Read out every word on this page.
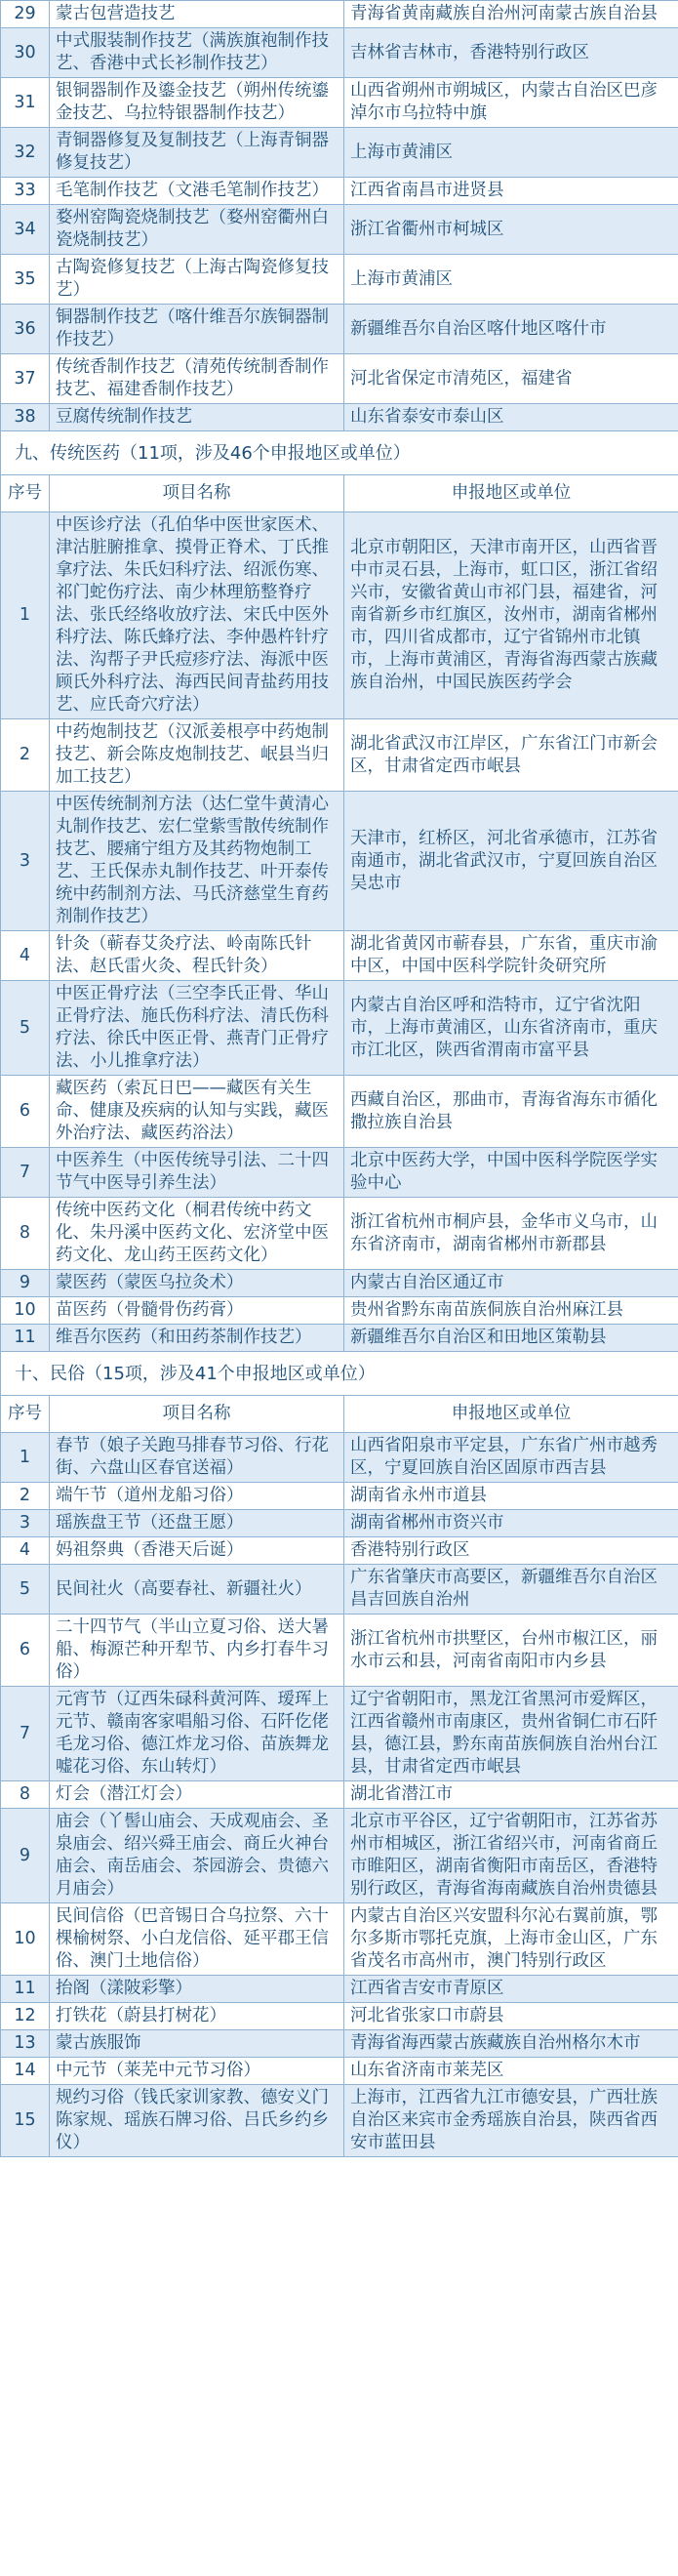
29	蒙古包营造技艺	青海省黄南藏族自治州河南蒙古族自治县
30	中式服装制作技艺（满族旗袍制作技艺、香港中式长衫制作技艺）	吉林省吉林市，香港特别行政区
31	银铜器制作及鎏金技艺（朔州传统鎏金技艺、乌拉特银器制作技艺）	山西省朔州市朔城区，内蒙古自治区巴彦淖尔市乌拉特中旗
32	青铜器修复及复制技艺（上海青铜器修复技艺）	上海市黄浦区
33	毛笔制作技艺（文港毛笔制作技艺）	江西省南昌市进贤县
34	婺州窑陶瓷烧制技艺（婺州窑衢州白瓷烧制技艺）	浙江省衢州市柯城区
35	古陶瓷修复技艺（上海古陶瓷修复技艺）	上海市黄浦区
36	铜器制作技艺（喀什维吾尔族铜器制作技艺）	新疆维吾尔自治区喀什地区喀什市
37	传统香制作技艺（清苑传统制香制作技艺、福建香制作技艺）	河北省保定市清苑区，福建省
38	豆腐传统制作技艺	山东省泰安市泰山区
九、传统医药（11项，涉及46个申报地区或单位）		
序号	项目名称	申报地区或单位
1	中医诊疗法（孔伯华中医世家医术、津沽脏腑推拿、摸骨正脊术、丁氏推拿疗法、朱氏妇科疗法、绍派伤寒、祁门蛇伤疗法、南少林理筋整脊疗法、张氏经络收放疗法、宋氏中医外科疗法、陈氏蜂疗法、李仲愚杵针疗法、沟帮子尹氏痘疹疗法、海派中医顾氏外科疗法、海西民间青盐药用技艺、应氏奇穴疗法）	北京市朝阳区，天津市南开区，山西省晋中市灵石县，上海市，虹口区，浙江省绍兴市，安徽省黄山市祁门县，福建省，河南省新乡市红旗区，汝州市，湖南省郴州市，四川省成都市，辽宁省锦州市北镇市，上海市黄浦区，青海省海西蒙古族藏族自治州，中国民族医药学会
2	中药炮制技艺（汉派姜根亭中药炮制技艺、新会陈皮炮制技艺、岷县当归加工技艺）	湖北省武汉市江岸区，广东省江门市新会区，甘肃省定西市岷县
3	中医传统制剂方法（达仁堂牛黄清心丸制作技艺、宏仁堂紫雪散传统制作技艺、腰痛宁组方及其药物炮制工艺、王氏保赤丸制作技艺、叶开泰传统中药制剂方法、马氏济慈堂生育药剂制作技艺）	天津市，红桥区，河北省承德市，江苏省南通市，湖北省武汉市，宁夏回族自治区吴忠市
4	针灸（蕲春艾灸疗法、岭南陈氏针法、赵氏雷火灸、程氏针灸）	湖北省黄冈市蕲春县，广东省，重庆市渝中区，中国中医科学院针灸研究所
5	中医正骨疗法（三空李氏正骨、华山正骨疗法、施氏伤科疗法、清氏伤科疗法、徐氏中医正骨、燕青门正骨疗法、小儿推拿疗法）	内蒙古自治区呼和浩特市，辽宁省沈阳市，上海市黄浦区，山东省济南市，重庆市江北区，陕西省渭南市富平县
6	藏医药（索瓦日巴——藏医有关生命、健康及疾病的认知与实践，藏医外治疗法、藏医药浴法）	西藏自治区，那曲市，青海省海东市循化撒拉族自治县
7	中医养生（中医传统导引法、二十四节气中医导引养生法）	北京中医药大学，中国中医科学院医学实验中心
8	传统中医药文化（桐君传统中药文化、朱丹溪中医药文化、宏济堂中医药文化、龙山药王医药文化）	浙江省杭州市桐庐县，金华市义乌市，山东省济南市，湖南省郴州市新郡县
9	蒙医药（蒙医乌拉灸术）	内蒙古自治区通辽市
10	苗医药（骨髓骨伤药膏）	贵州省黔东南苗族侗族自治州麻江县
11	维吾尔医药（和田药茶制作技艺）	新疆维吾尔自治区和田地区策勒县
十、民俗（15项，涉及41个申报地区或单位）		
序号	项目名称	申报地区或单位
1	春节（娘子关跑马排春节习俗、行花街、六盘山区春官送福）	山西省阳泉市平定县，广东省广州市越秀区，宁夏回族自治区固原市西吉县
2	端午节（道州龙船习俗）	湖南省永州市道县
3	瑶族盘王节（还盘王愿）	湖南省郴州市资兴市
4	妈祖祭典（香港天后诞）	香港特别行政区
5	民间社火（高要春社、新疆社火）	广东省肇庆市高要区，新疆维吾尔自治区昌吉回族自治州
6	二十四节气（半山立夏习俗、送大暑船、梅源芒种开犁节、内乡打春牛习俗）	浙江省杭州市拱墅区，台州市椒江区，丽水市云和县，河南省南阳市内乡县
7	元宵节（辽西朱碌科黄河阵、瑷珲上元节、赣南客家唱船习俗、石阡仡佬毛龙习俗、德江炸龙习俗、苗族舞龙嘘花习俗、东山转灯）	辽宁省朝阳市，黑龙江省黑河市爱辉区，江西省赣州市南康区，贵州省铜仁市石阡县，德江县，黔东南苗族侗族自治州台江县，甘肃省定西市岷县
8	灯会（潜江灯会）	湖北省潜江市
9	庙会（丫髻山庙会、天成观庙会、圣泉庙会、绍兴舜王庙会、商丘火神台庙会、南岳庙会、茶园游会、贵德六月庙会）	北京市平谷区，辽宁省朝阳市，江苏省苏州市相城区，浙江省绍兴市，河南省商丘市睢阳区，湖南省衡阳市南岳区，香港特别行政区，青海省海南藏族自治州贵德县
10	民间信俗（巴音锡日合乌拉祭、六十棵榆树祭、小白龙信俗、延平郡王信俗、澳门土地信俗）	内蒙古自治区兴安盟科尔沁右翼前旗，鄂尔多斯市鄂托克旗，上海市金山区，广东省茂名市高州市，澳门特别行政区
11	抬阁（漾陂彩擎）	江西省吉安市青原区
12	打铁花（蔚县打树花）	河北省张家口市蔚县
13	蒙古族服饰	青海省海西蒙古族藏族自治州格尔木市
14	中元节（莱芜中元节习俗）	山东省济南市莱芜区
15	规约习俗（钱氏家训家教、德安义门陈家规、瑶族石牌习俗、吕氏乡约乡仪）	上海市，江西省九江市德安县，广西壮族自治区来宾市金秀瑶族自治县，陕西省西安市蓝田县
